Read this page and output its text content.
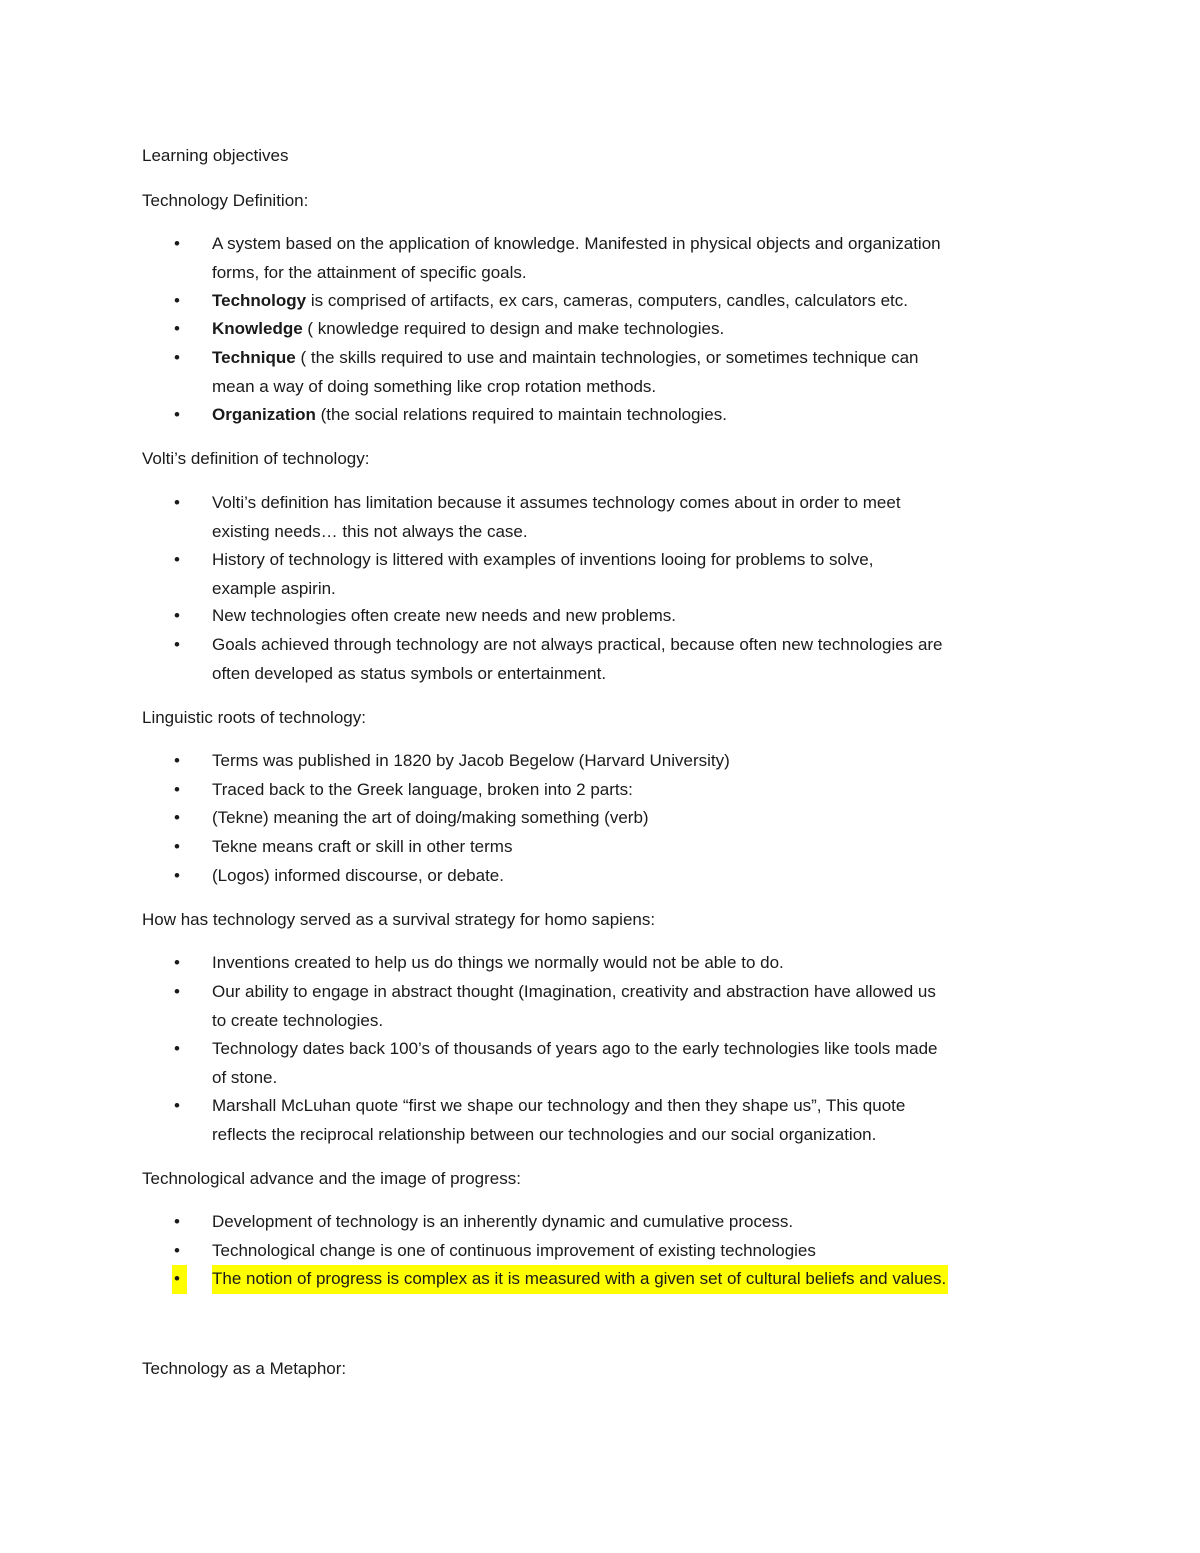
Learning objectives
Technology Definition:
• A system based on the application of knowledge. Manifested in physical objects and organization
forms, for the attainment of specific goals.
• Technology is comprised of artifacts, ex cars, cameras, computers, candles, calculators etc.
• Knowledge ( knowledge required to design and make technologies.
• Technique ( the skills required to use and maintain technologies, or sometimes technique can
mean a way of doing something like crop rotation methods.
• Organization (the social relations required to maintain technologies.
Volti’s definition of technology:
• Volti’s definition has limitation because it assumes technology comes about in order to meet
existing needs… this not always the case.
• History of technology is littered with examples of inventions looing for problems to solve,
example aspirin.
• New technologies often create new needs and new problems.
• Goals achieved through technology are not always practical, because often new technologies are
often developed as status symbols or entertainment.
Linguistic roots of technology:
• Terms was published in 1820 by Jacob Begelow (Harvard University)
• Traced back to the Greek language, broken into 2 parts:
• (Tekne) meaning the art of doing/making something (verb)
• Tekne means craft or skill in other terms
• (Logos) informed discourse, or debate.
How has technology served as a survival strategy for homo sapiens:
• Inventions created to help us do things we normally would not be able to do.
• Our ability to engage in abstract thought (Imagination, creativity and abstraction have allowed us
to create technologies.
• Technology dates back 100’s of thousands of years ago to the early technologies like tools made
of stone.
• Marshall McLuhan quote “first we shape our technology and then they shape us”, This quote
reflects the reciprocal relationship between our technologies and our social organization.
Technological advance and the image of progress:
• Development of technology is an inherently dynamic and cumulative process.
• Technological change is one of continuous improvement of existing technologies
•	The notion of progress is complex as it is measured with a given set of cultural beliefs and values.
Technology as a Metaphor:
